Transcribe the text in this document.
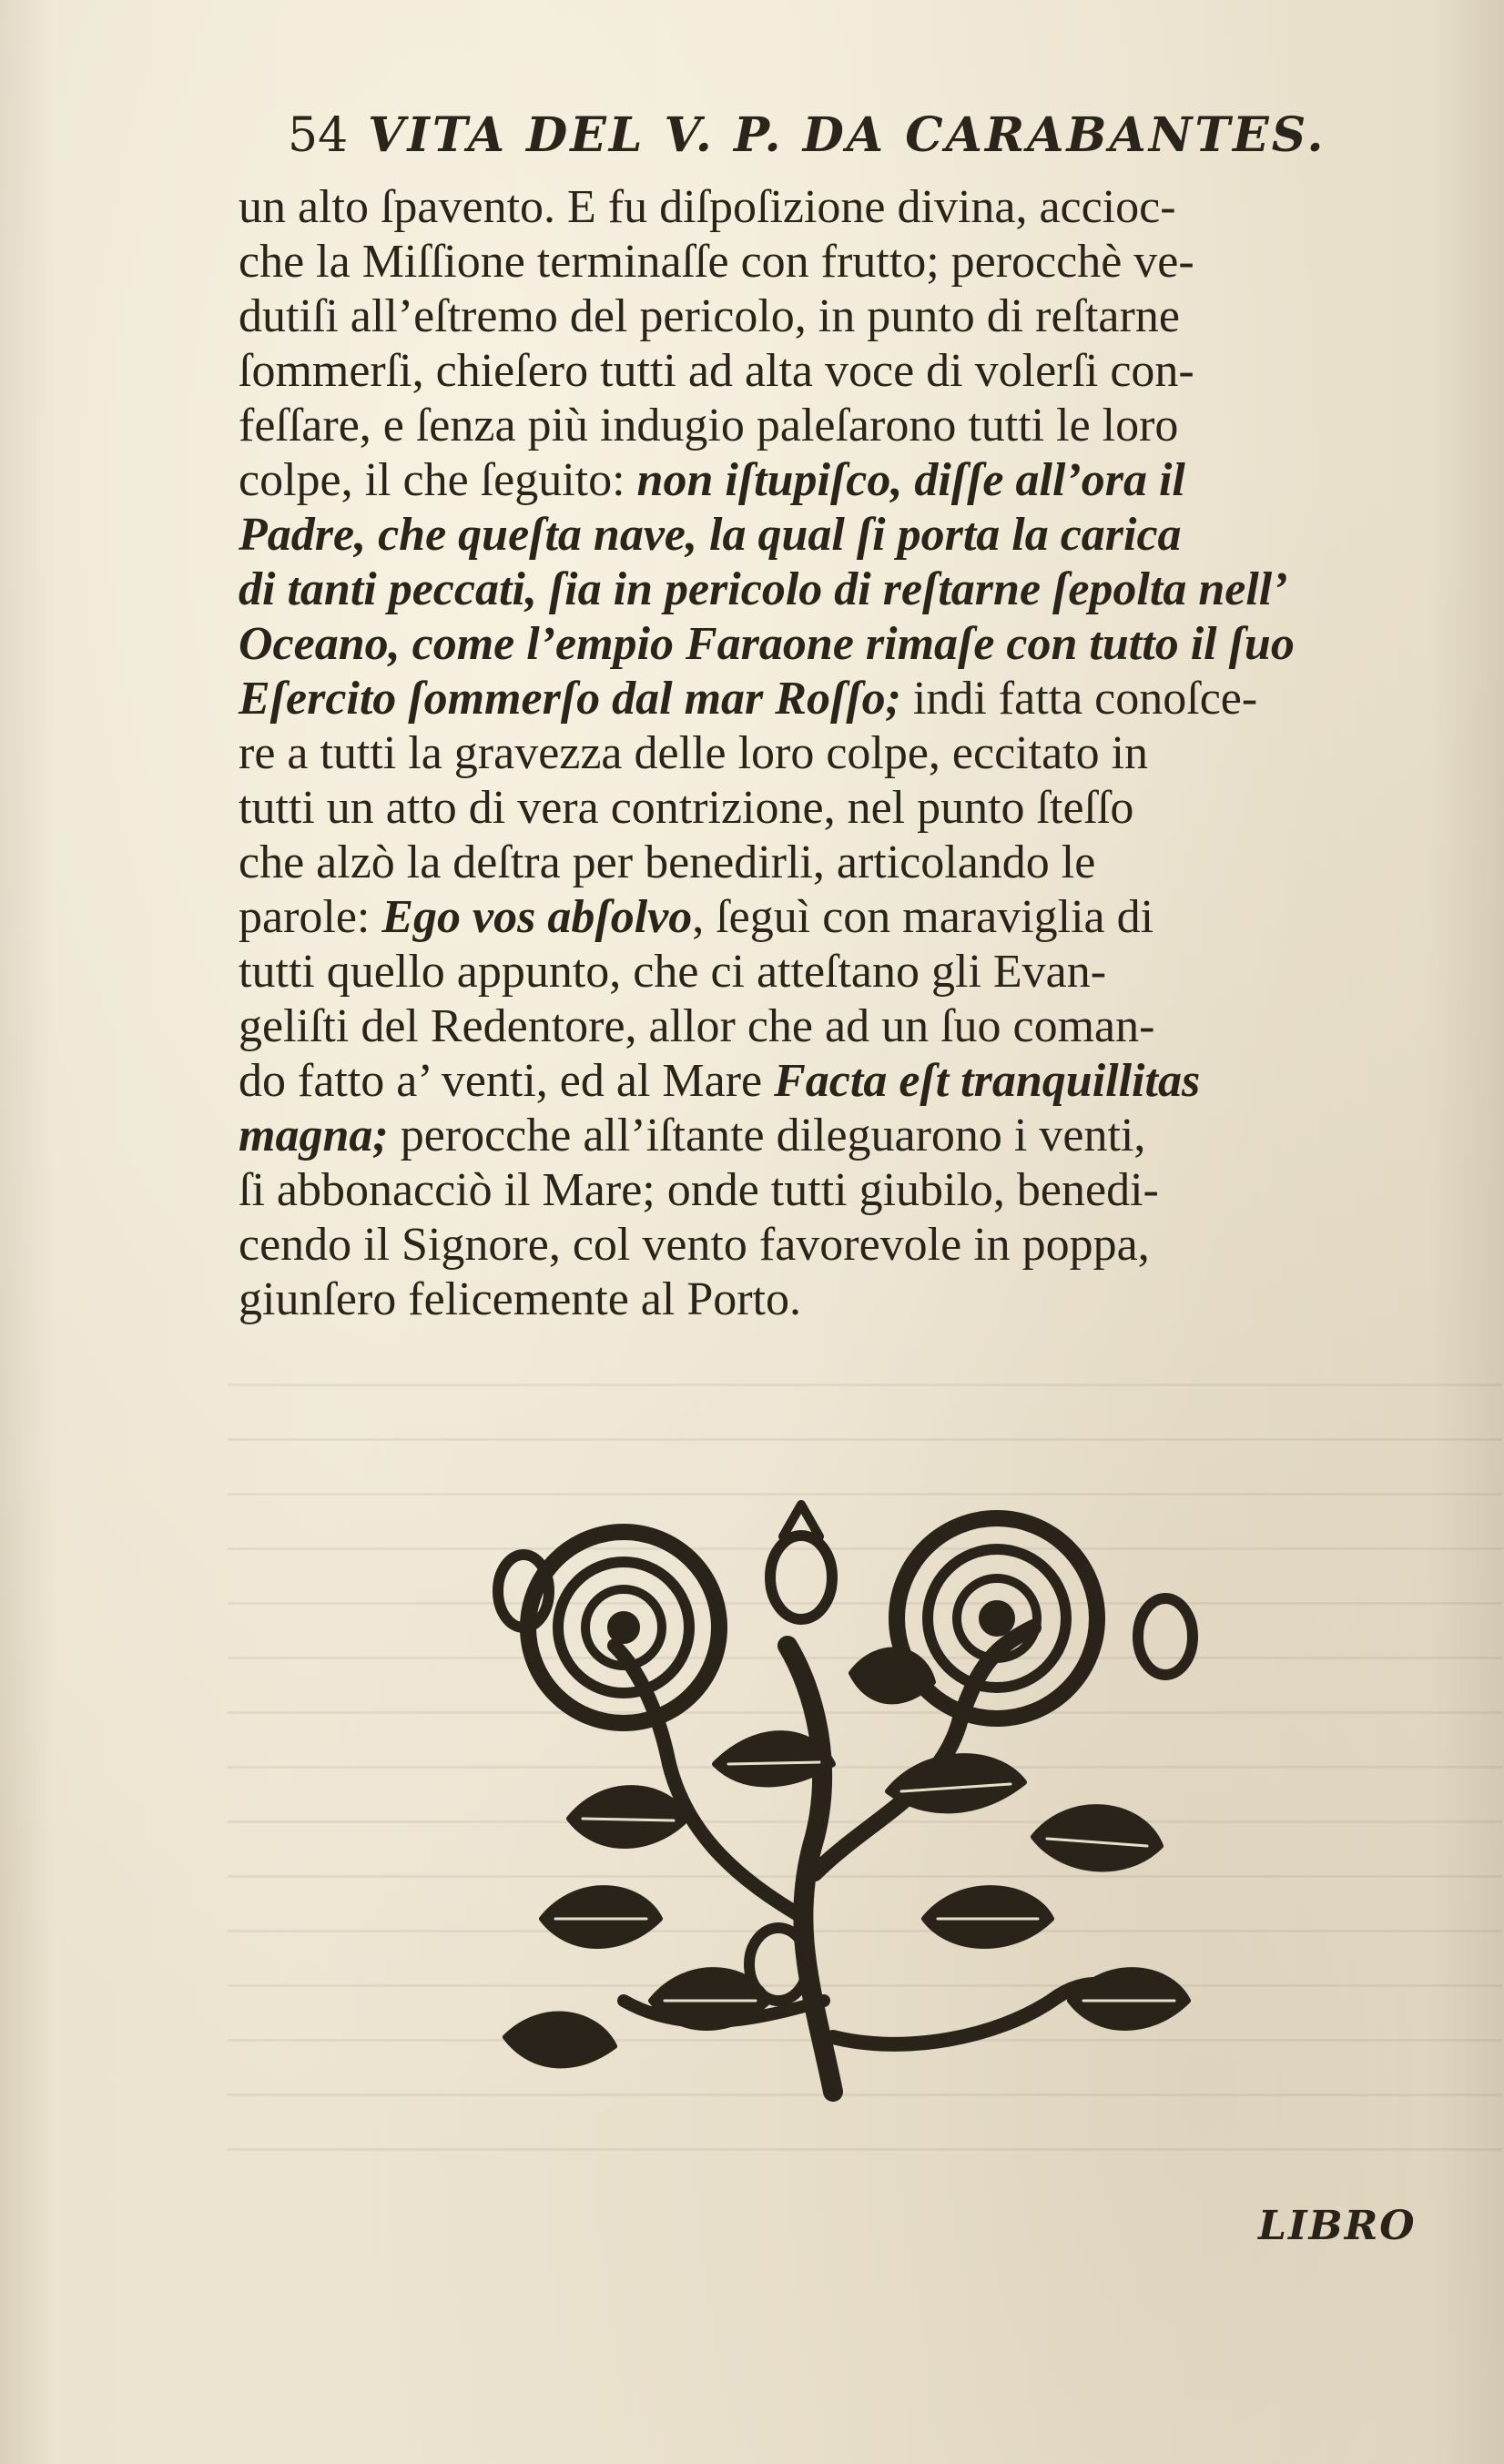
54 VITA DEL V. P. DA CARABANTES.
un alto ſpavento. E fu diſpoſizione divina, accioc-
che la Miſſione terminaſſe con frutto; perocchè ve-
dutiſi all’eſtremo del pericolo, in punto di reſtarne
ſommerſi, chieſero tutti ad alta voce di volerſi con-
feſſare, e ſenza più indugio paleſarono tutti le loro
colpe, il che ſeguito: non iſtupiſco, diſſe all’ora il
Padre, che queſta nave, la qual ſi porta la carica
di tanti peccati, ſia in pericolo di reſtarne ſepolta nell’
Oceano, come l’empio Faraone rimaſe con tutto il ſuo
Eſercito ſommerſo dal mar Roſſo; indi fatta conoſce-
re a tutti la gravezza delle loro colpe, eccitato in
tutti un atto di vera contrizione, nel punto ſteſſo
che alzò la deſtra per benedirli, articolando le
parole: Ego vos abſolvo, ſeguì con maraviglia di
tutti quello appunto, che ci atteſtano gli Evan-
geliſti del Redentore, allor che ad un ſuo coman-
do fatto a’ venti, ed al Mare Facta eſt tranquillitas
magna; perocche all’iſtante dileguarono i venti,
ſi abbonacciò il Mare; onde tutti giubilo, benedi-
cendo il Signore, col vento favorevole in poppa,
giunſero felicemente al Porto.
LIBRO
